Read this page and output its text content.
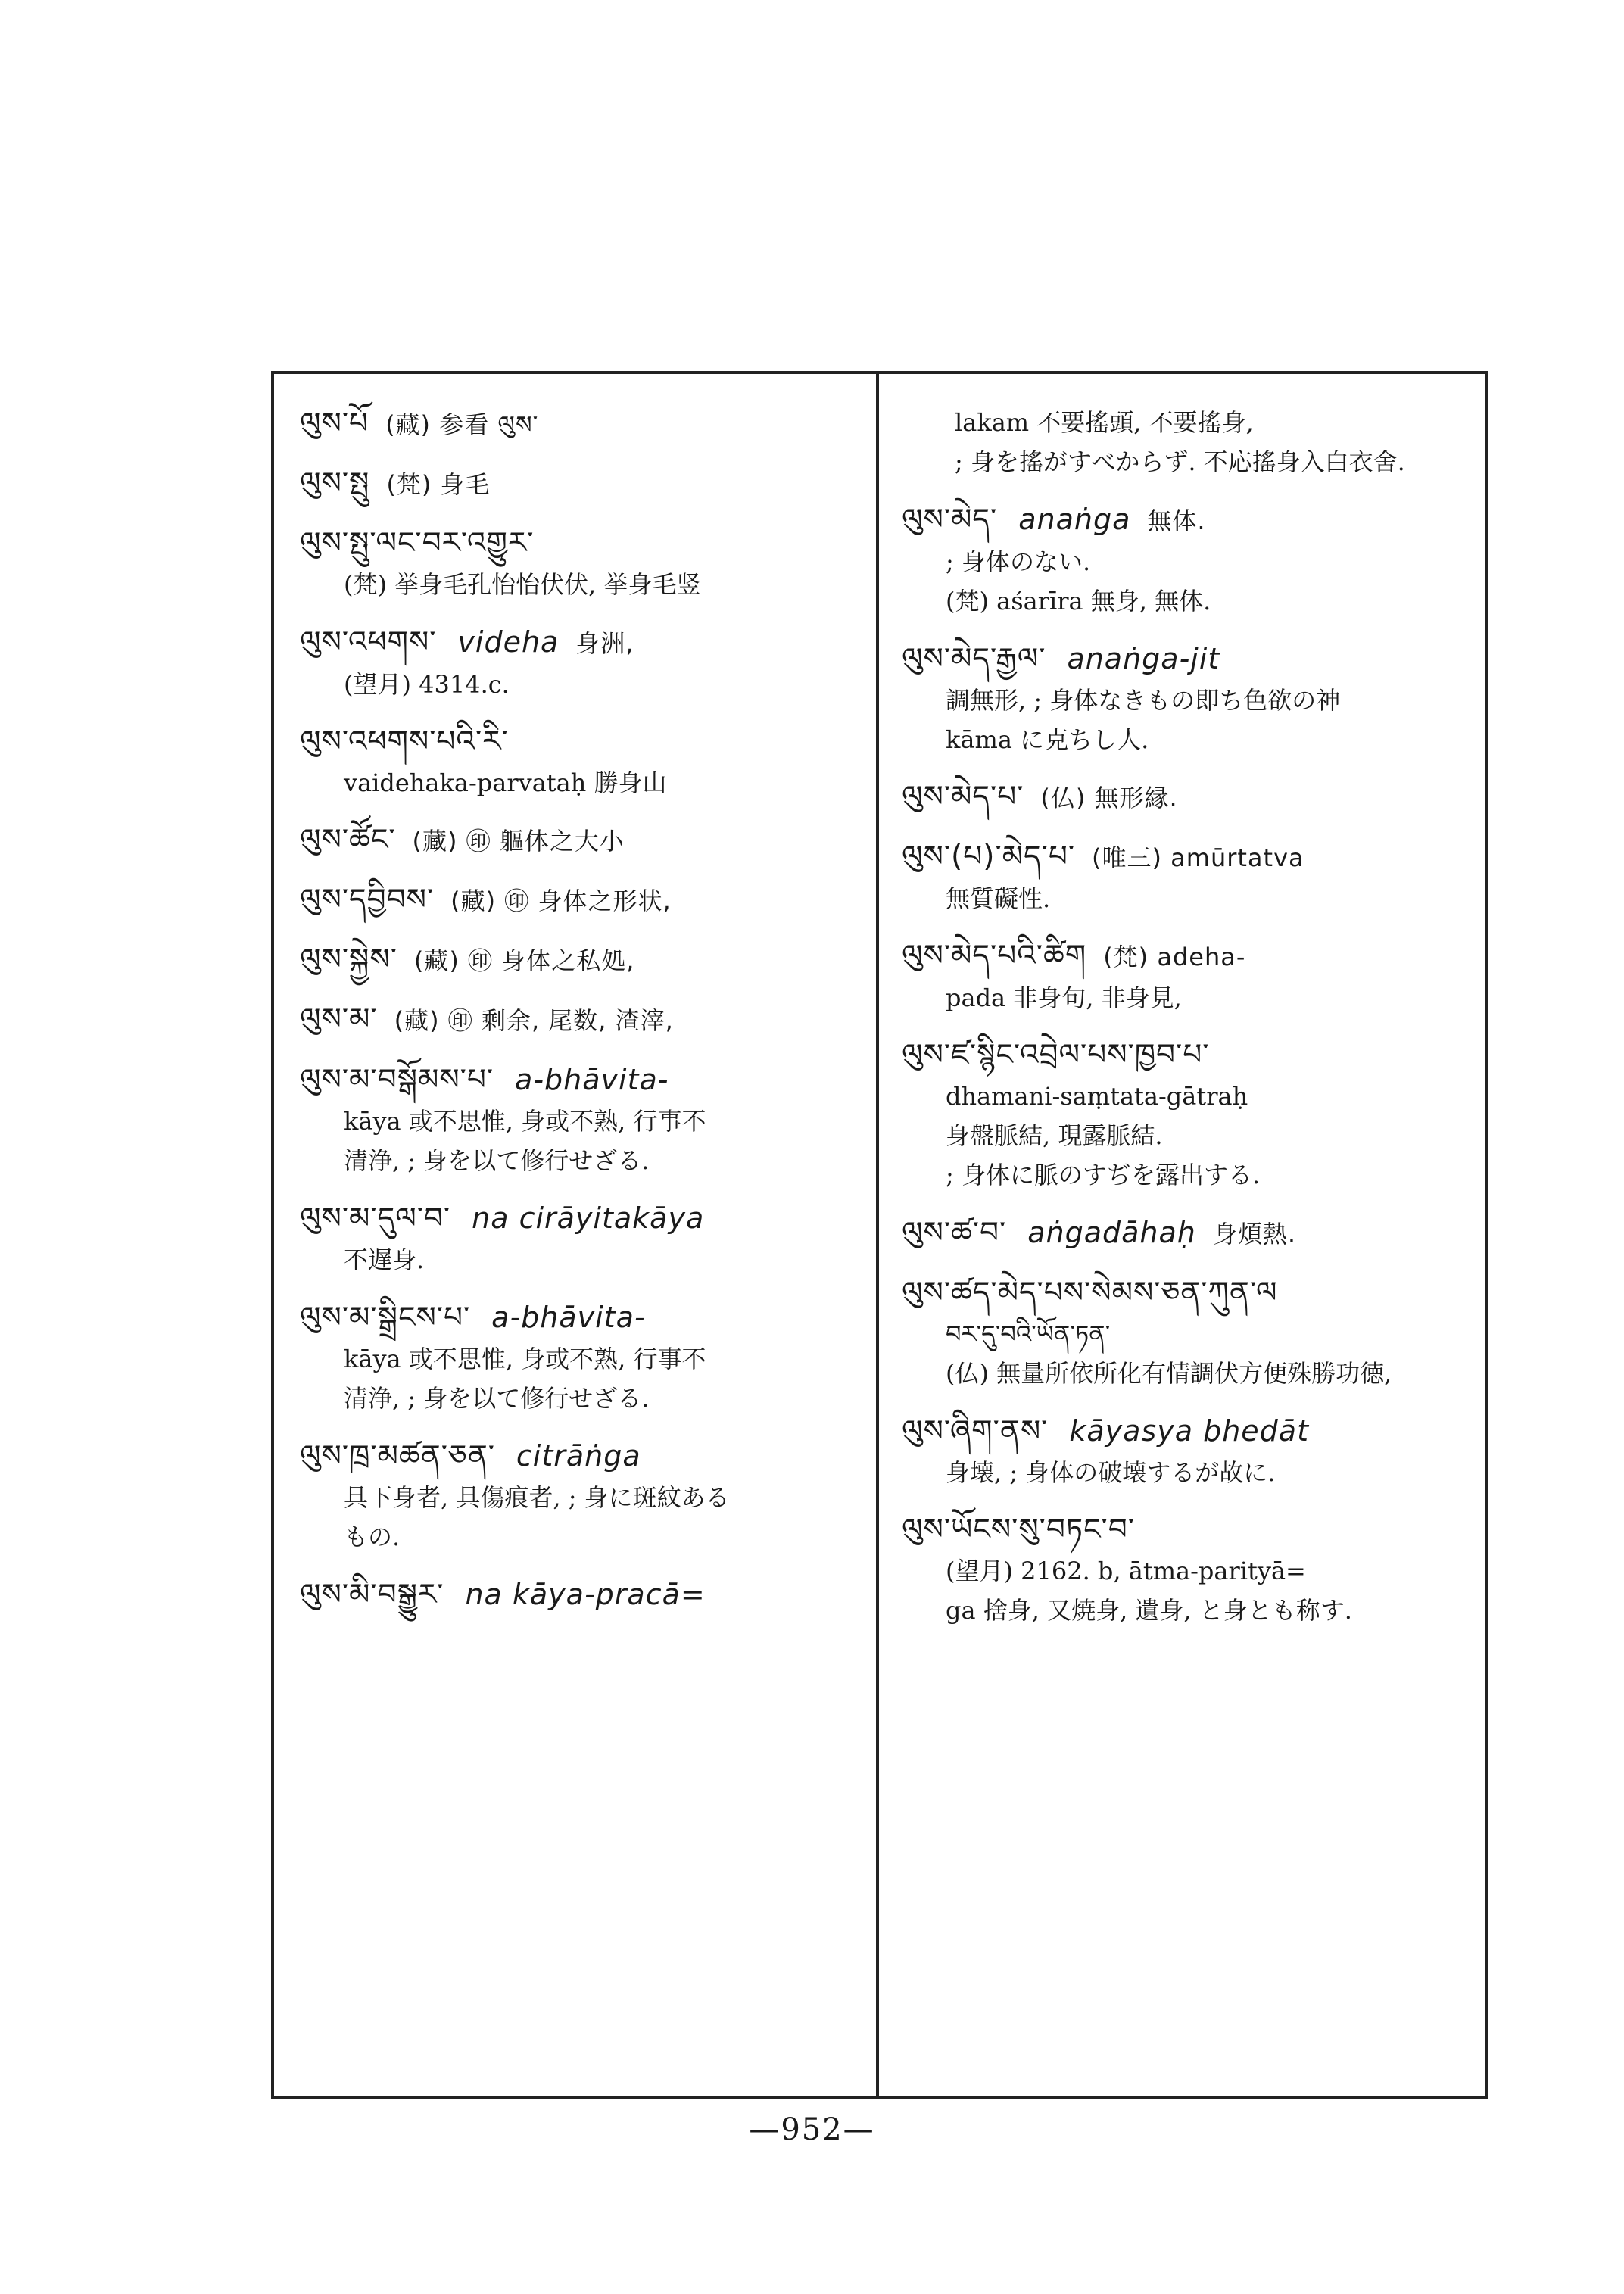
ལུས་པོ (藏) 参看 ལུས་
ལུས་སྤུ (梵) 身毛
ལུས་སྤུ་ལང་བར་འགྱུར་
(梵) 挙身毛孔怡怡伏伏, 挙身毛竖
ལུས་འཕགས་ videha 身洲,
(望月) 4314.c.
ལུས་འཕགས་པའི་རི་
vaidehaka-parvataḥ 勝身山
ལུས་ཚོང་ (藏) ㊞ 軀体之大小
ལུས་དབྱིབས་ (藏) ㊞ 身体之形状,
ལུས་སྐྱེས་ (藏) ㊞ 身体之私処,
ལུས་མ་ (藏) ㊞ 剩余, 尾数, 渣滓,
ལུས་མ་བསྒོམས་པ་ a-bhāvita-
kāya 或不思惟, 身或不熟, 行事不
清浄, ; 身を以て修行せざる.
ལུས་མ་དུལ་བ་ na cirāyitakāya
不遅身.
ལུས་མ་སྒྲིངས་པ་ a-bhāvita-
kāya 或不思惟, 身或不熟, 行事不
清浄, ; 身を以て修行せざる.
ལུས་ཁྲ་མཚན་ཅན་ citrāṅga
具下身者, 具傷痕者, ; 身に斑紋ある
もの.
ལུས་མི་བསྒྱུར་ na kāya-pracā=
lakam 不要搖頭, 不要搖身,
; 身を搖がすべからず. 不応搖身入白衣舍.
ལུས་མེད་ anaṅga 無体.
; 身体のない.
(梵) aśarīra 無身, 無体.
ལུས་མེད་རྒྱལ་ anaṅga-jit
調無形, ; 身体なきもの即ち色欲の神
kāma に克ちし人.
ལུས་མེད་པ་ (仏) 無形縁.
ལུས་(པ)་མེད་པ་ (唯三) amūrtatva
無質礙性.
ལུས་མེད་པའི་ཚིག (梵) adeha-
pada 非身句, 非身見,
ལུས་ཛ་སྙིང་འབྲེལ་པས་ཁྱབ་པ་
dhamani-saṃtata-gātraḥ
身盤脈結, 現露脈結.
; 身体に脈のすぢを露出する.
ལུས་ཚ་བ་ aṅgadāhaḥ 身煩熱.
ལུས་ཚད་མེད་པས་སེམས་ཅན་ཀུན་ལ
བར་དུ་བའི་ཡོན་ཏན་
(仏) 無量所依所化有情調伏方便殊勝功徳,
ལུས་ཞིག་ནས་ kāyasya bhedāt
身壊, ; 身体の破壊するが故に.
ལུས་ཡོངས་སུ་བཏང་བ་
(望月) 2162. b, ātma-parityā=
ga 捨身, 又焼身, 遺身, と身とも称す.
—952—
